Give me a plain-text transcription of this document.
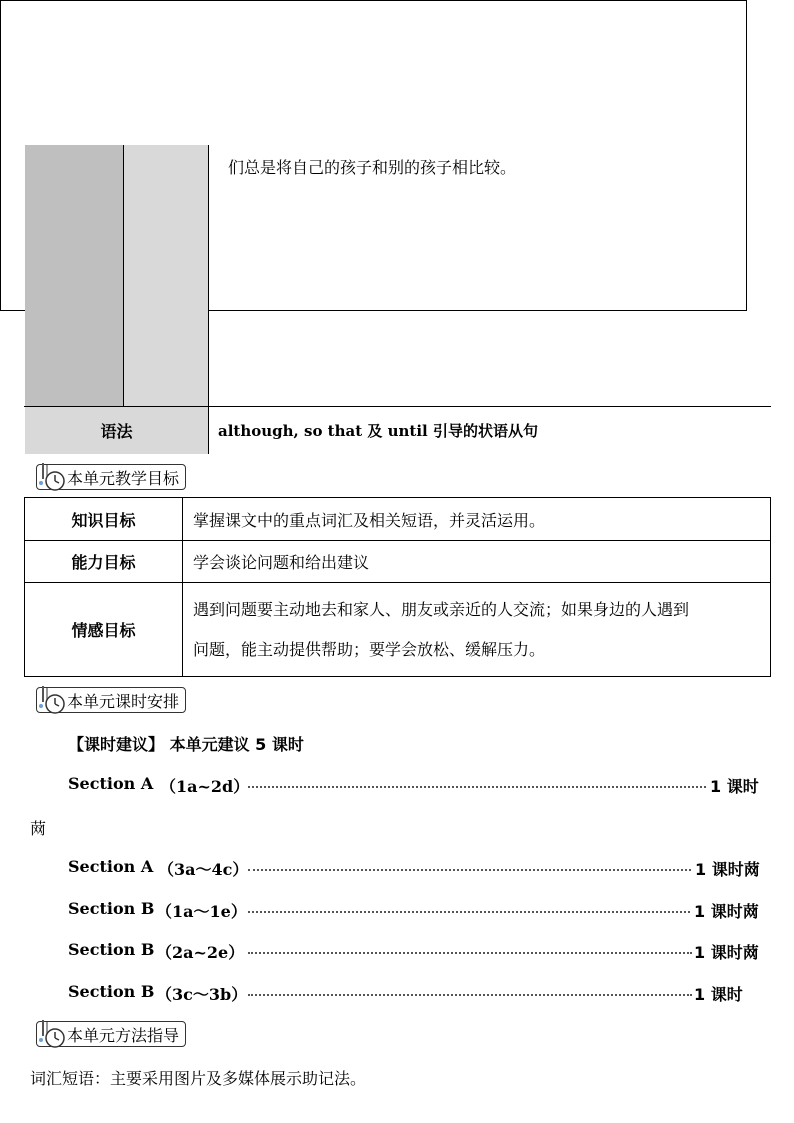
们总是将自己的孩子和别的孩子相比较。
语法	although, so that 及 until 引导的状语从句
本单元教学目标
知识目标	掌握课文中的重点词汇及相关短语，并灵活运用。
能力目标	学会谈论问题和给出建议
情感目标	遇到问题要主动地去和家人、朋友或亲近的人交流；如果身边的人遇到
问题，能主动提供帮助；要学会放松、缓解压力。
本单元课时安排
【课时建议】 本单元建议 5 课时
Section A （1a~2d）	1 课时
䒽
Section A （3a～4c）	1 课时䒽
Section B （1a～1e）	1 课时䒽
Section B （2a~2e）	1 课时䒽
Section B （3c～3b）	1 课时
本单元方法指导
词汇短语：主要采用图片及多媒体展示助记法。
